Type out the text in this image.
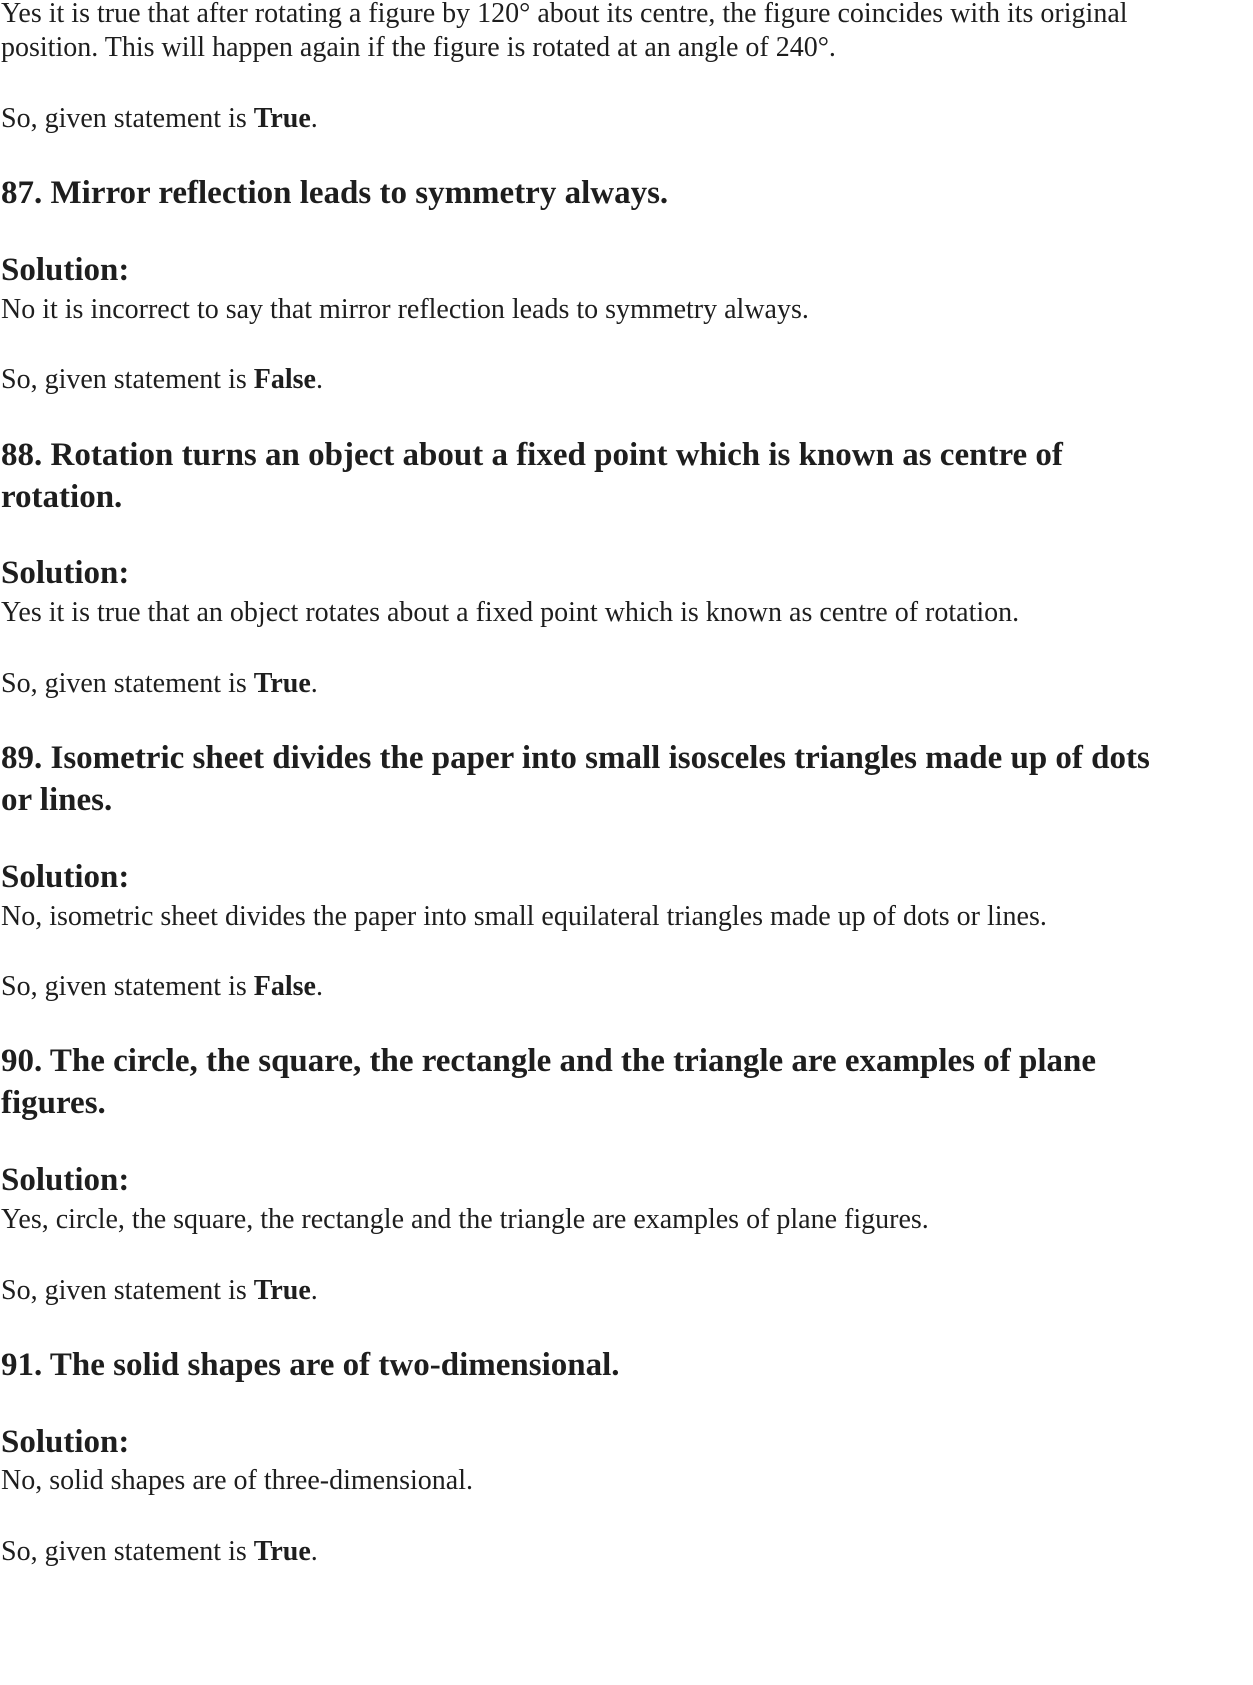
Yes it is true that after rotating a figure by 120° about its centre, the figure coincides with its original position. This will happen again if the figure is rotated at an angle of 240°.
So, given statement is True.
87. Mirror reflection leads to symmetry always.
Solution:
No it is incorrect to say that mirror reflection leads to symmetry always.
So, given statement is False.
88. Rotation turns an object about a fixed point which is known as centre of rotation.
Solution:
Yes it is true that an object rotates about a fixed point which is known as centre of rotation.
So, given statement is True.
89. Isometric sheet divides the paper into small isosceles triangles made up of dots or lines.
Solution:
No, isometric sheet divides the paper into small equilateral triangles made up of dots or lines.
So, given statement is False.
90. The circle, the square, the rectangle and the triangle are examples of plane figures.
Solution:
Yes, circle, the square, the rectangle and the triangle are examples of plane figures.
So, given statement is True.
91. The solid shapes are of two-dimensional.
Solution:
No, solid shapes are of three-dimensional.
So, given statement is True.
